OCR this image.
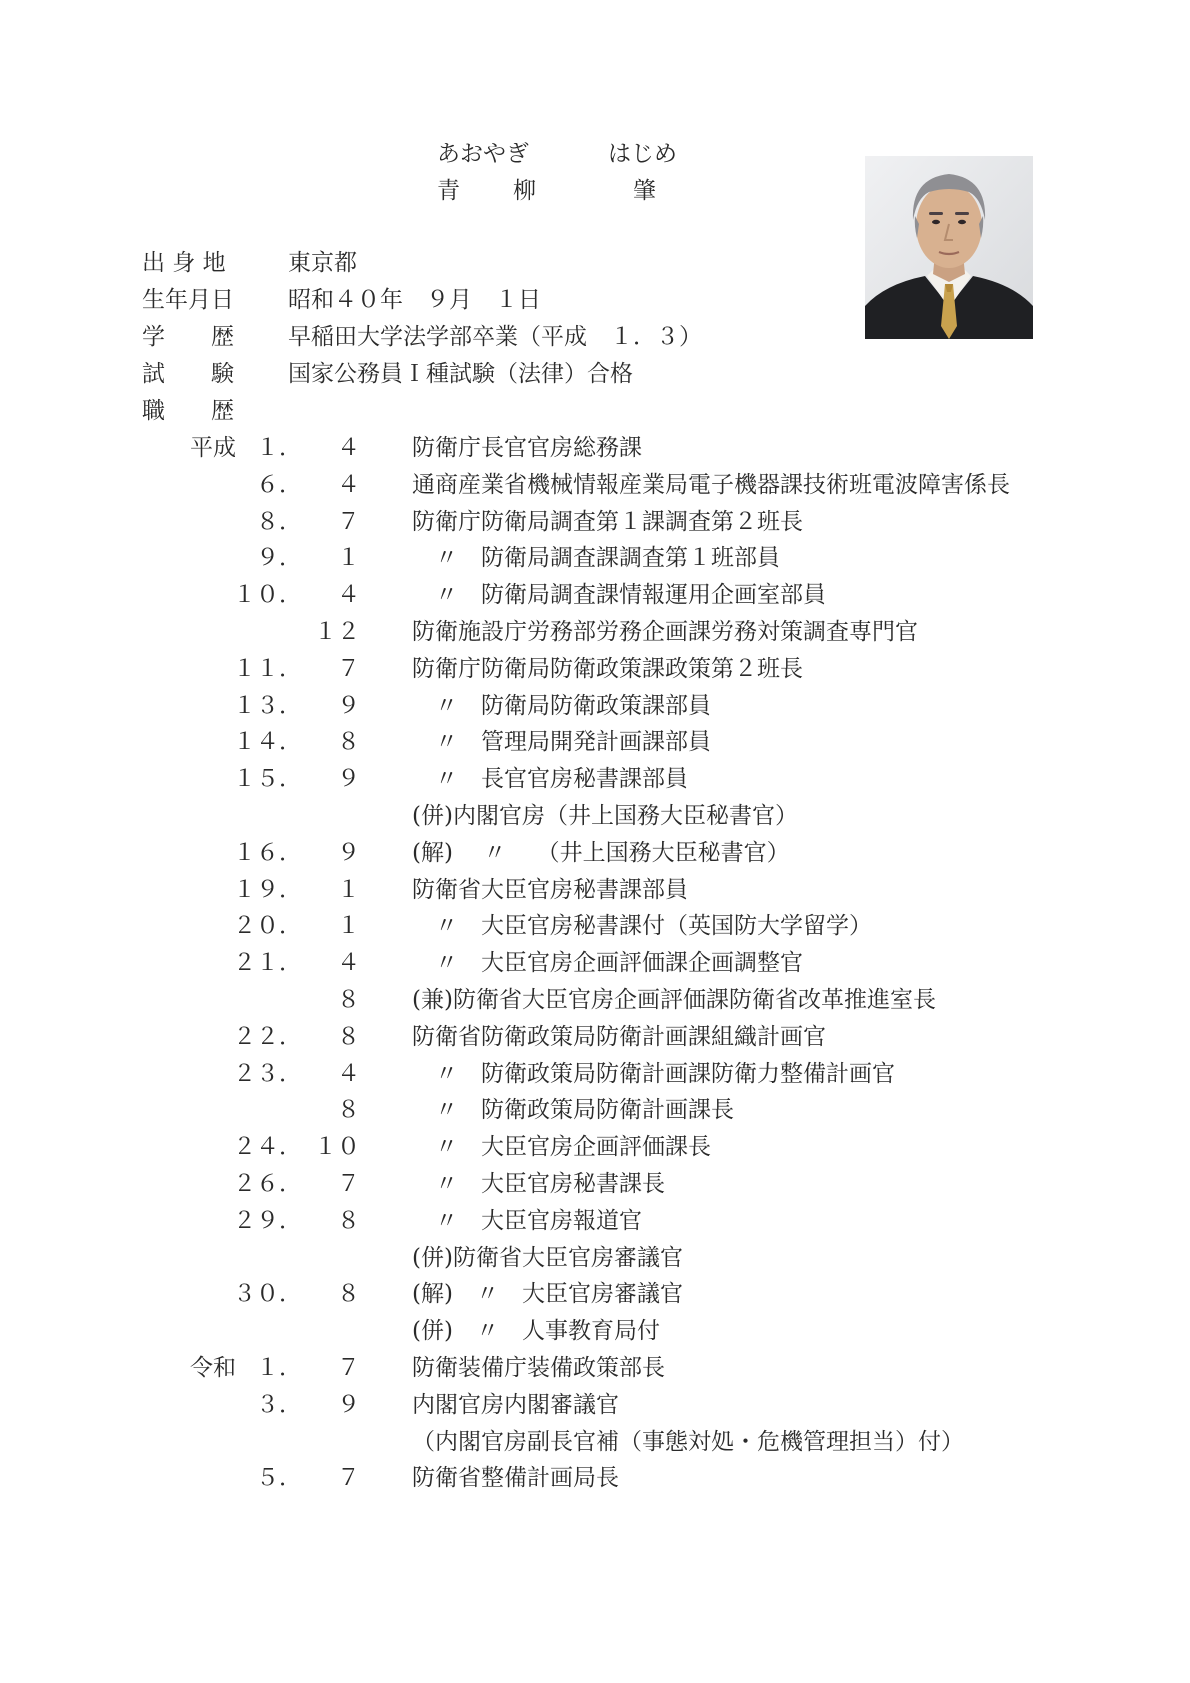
あおやぎ	はじめ
青 柳	肇
出 身 地	東京都
生年月日 昭和４０年　９月　１日
学　　歴 早稲田大学法学部卒業（平成　１．３）
試　　験 国家公務員Ｉ種試験（法律）合格
職　　歴
平成 １．	４ 防衛庁長官官房総務課
６．	４ 通商産業省機械情報産業局電子機器課技術班電波障害係長
８．	７ 防衛庁防衛局調査第１課調査第２班長
９．	１ 　〃　防衛局調査課調査第１班部員
１０．	４ 　〃　防衛局調査課情報運用企画室部員
１２ 防衛施設庁労務部労務企画課労務対策調査専門官
１１．	７ 防衛庁防衛局防衛政策課政策第２班長
１３．	９ 　〃　防衛局防衛政策課部員
１４．	８ 　〃　管理局開発計画課部員
１５．	９ 　〃　長官官房秘書課部員
(併)内閣官房（井上国務大臣秘書官）
１６．	９ (解)　 〃　 （井上国務大臣秘書官）
１９．	１ 防衛省大臣官房秘書課部員
２０．	１ 　〃　大臣官房秘書課付（英国防大学留学）
２１．	４ 　〃　大臣官房企画評価課企画調整官
８ (兼)防衛省大臣官房企画評価課防衛省改革推進室長
２２．	８ 防衛省防衛政策局防衛計画課組織計画官
２３．	４ 　〃　防衛政策局防衛計画課防衛力整備計画官
８ 　〃　防衛政策局防衛計画課長
２４． １０ 　〃　大臣官房企画評価課長
２６．	７ 　〃　大臣官房秘書課長
２９．	８ 　〃　大臣官房報道官
(併)防衛省大臣官房審議官
３０．	８ (解)　〃　大臣官房審議官
(併)　〃　人事教育局付
令和 １．	７ 防衛装備庁装備政策部長
３．	９ 内閣官房内閣審議官
（内閣官房副長官補（事態対処・危機管理担当）付）
５．	７ 防衛省整備計画局長
